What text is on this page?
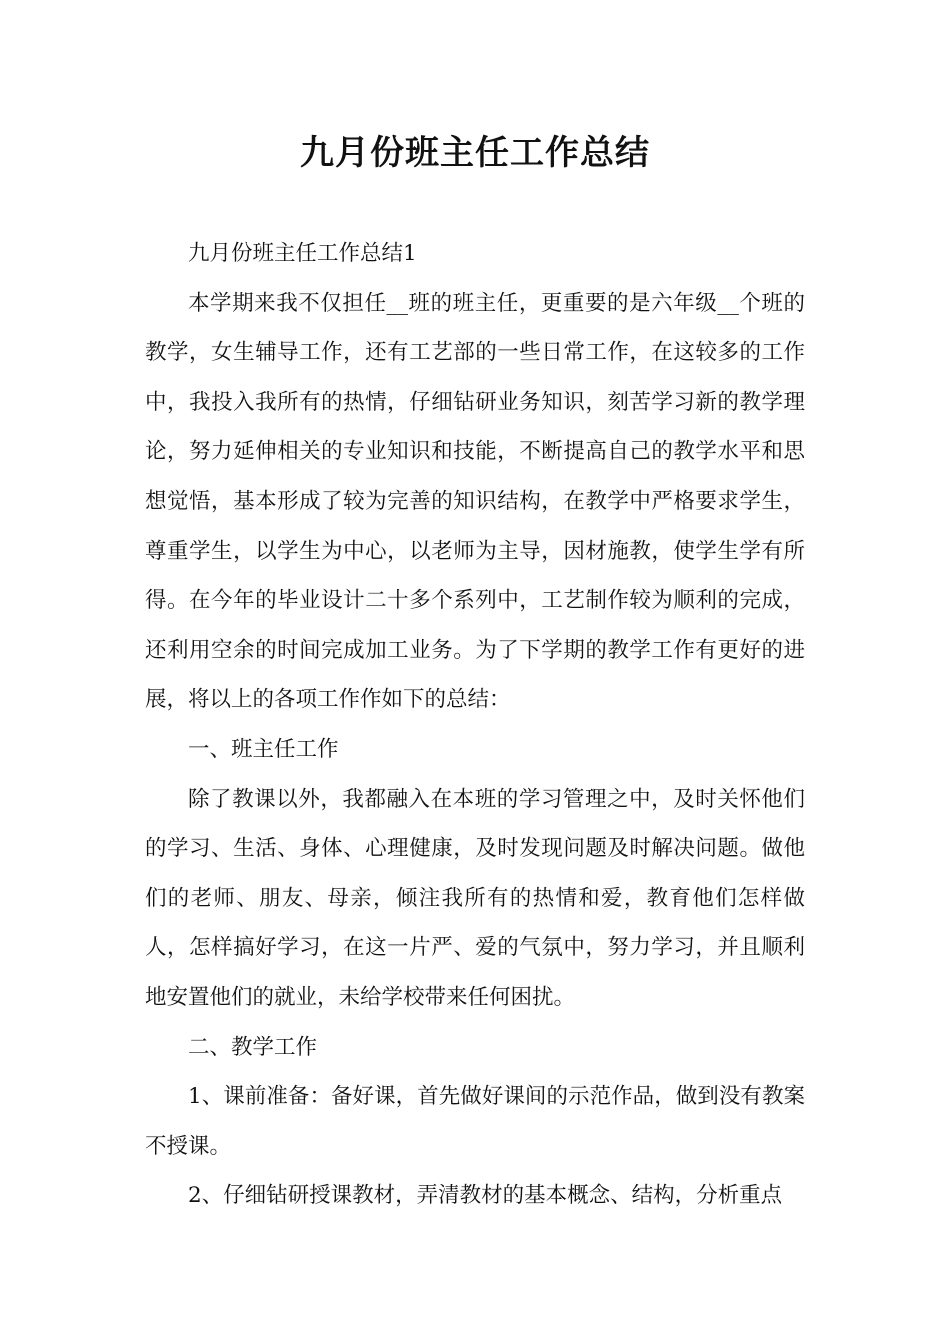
九月份班主任工作总结

九月份班主任工作总结1

本学期来我不仅担任__班的班主任，更重要的是六年级__个班的教学，女生辅导工作，还有工艺部的一些日常工作，在这较多的工作中，我投入我所有的热情，仔细钻研业务知识，刻苦学习新的教学理论，努力延伸相关的专业知识和技能，不断提高自己的教学水平和思想觉悟，基本形成了较为完善的知识结构，在教学中严格要求学生，尊重学生，以学生为中心，以老师为主导，因材施教，使学生学有所得。在今年的毕业设计二十多个系列中，工艺制作较为顺利的完成，还利用空余的时间完成加工业务。为了下学期的教学工作有更好的进展，将以上的各项工作作如下的总结：

一、班主任工作

除了教课以外，我都融入在本班的学习管理之中，及时关怀他们的学习、生活、身体、心理健康，及时发现问题及时解决问题。做他们的老师、朋友、母亲，倾注我所有的热情和爱，教育他们怎样做人，怎样搞好学习，在这一片严、爱的气氛中，努力学习，并且顺利地安置他们的就业，未给学校带来任何困扰。

二、教学工作

1、课前准备：备好课，首先做好课间的示范作品，做到没有教案不授课。

2、仔细钻研授课教材，弄清教材的基本概念、结构，分析重点
